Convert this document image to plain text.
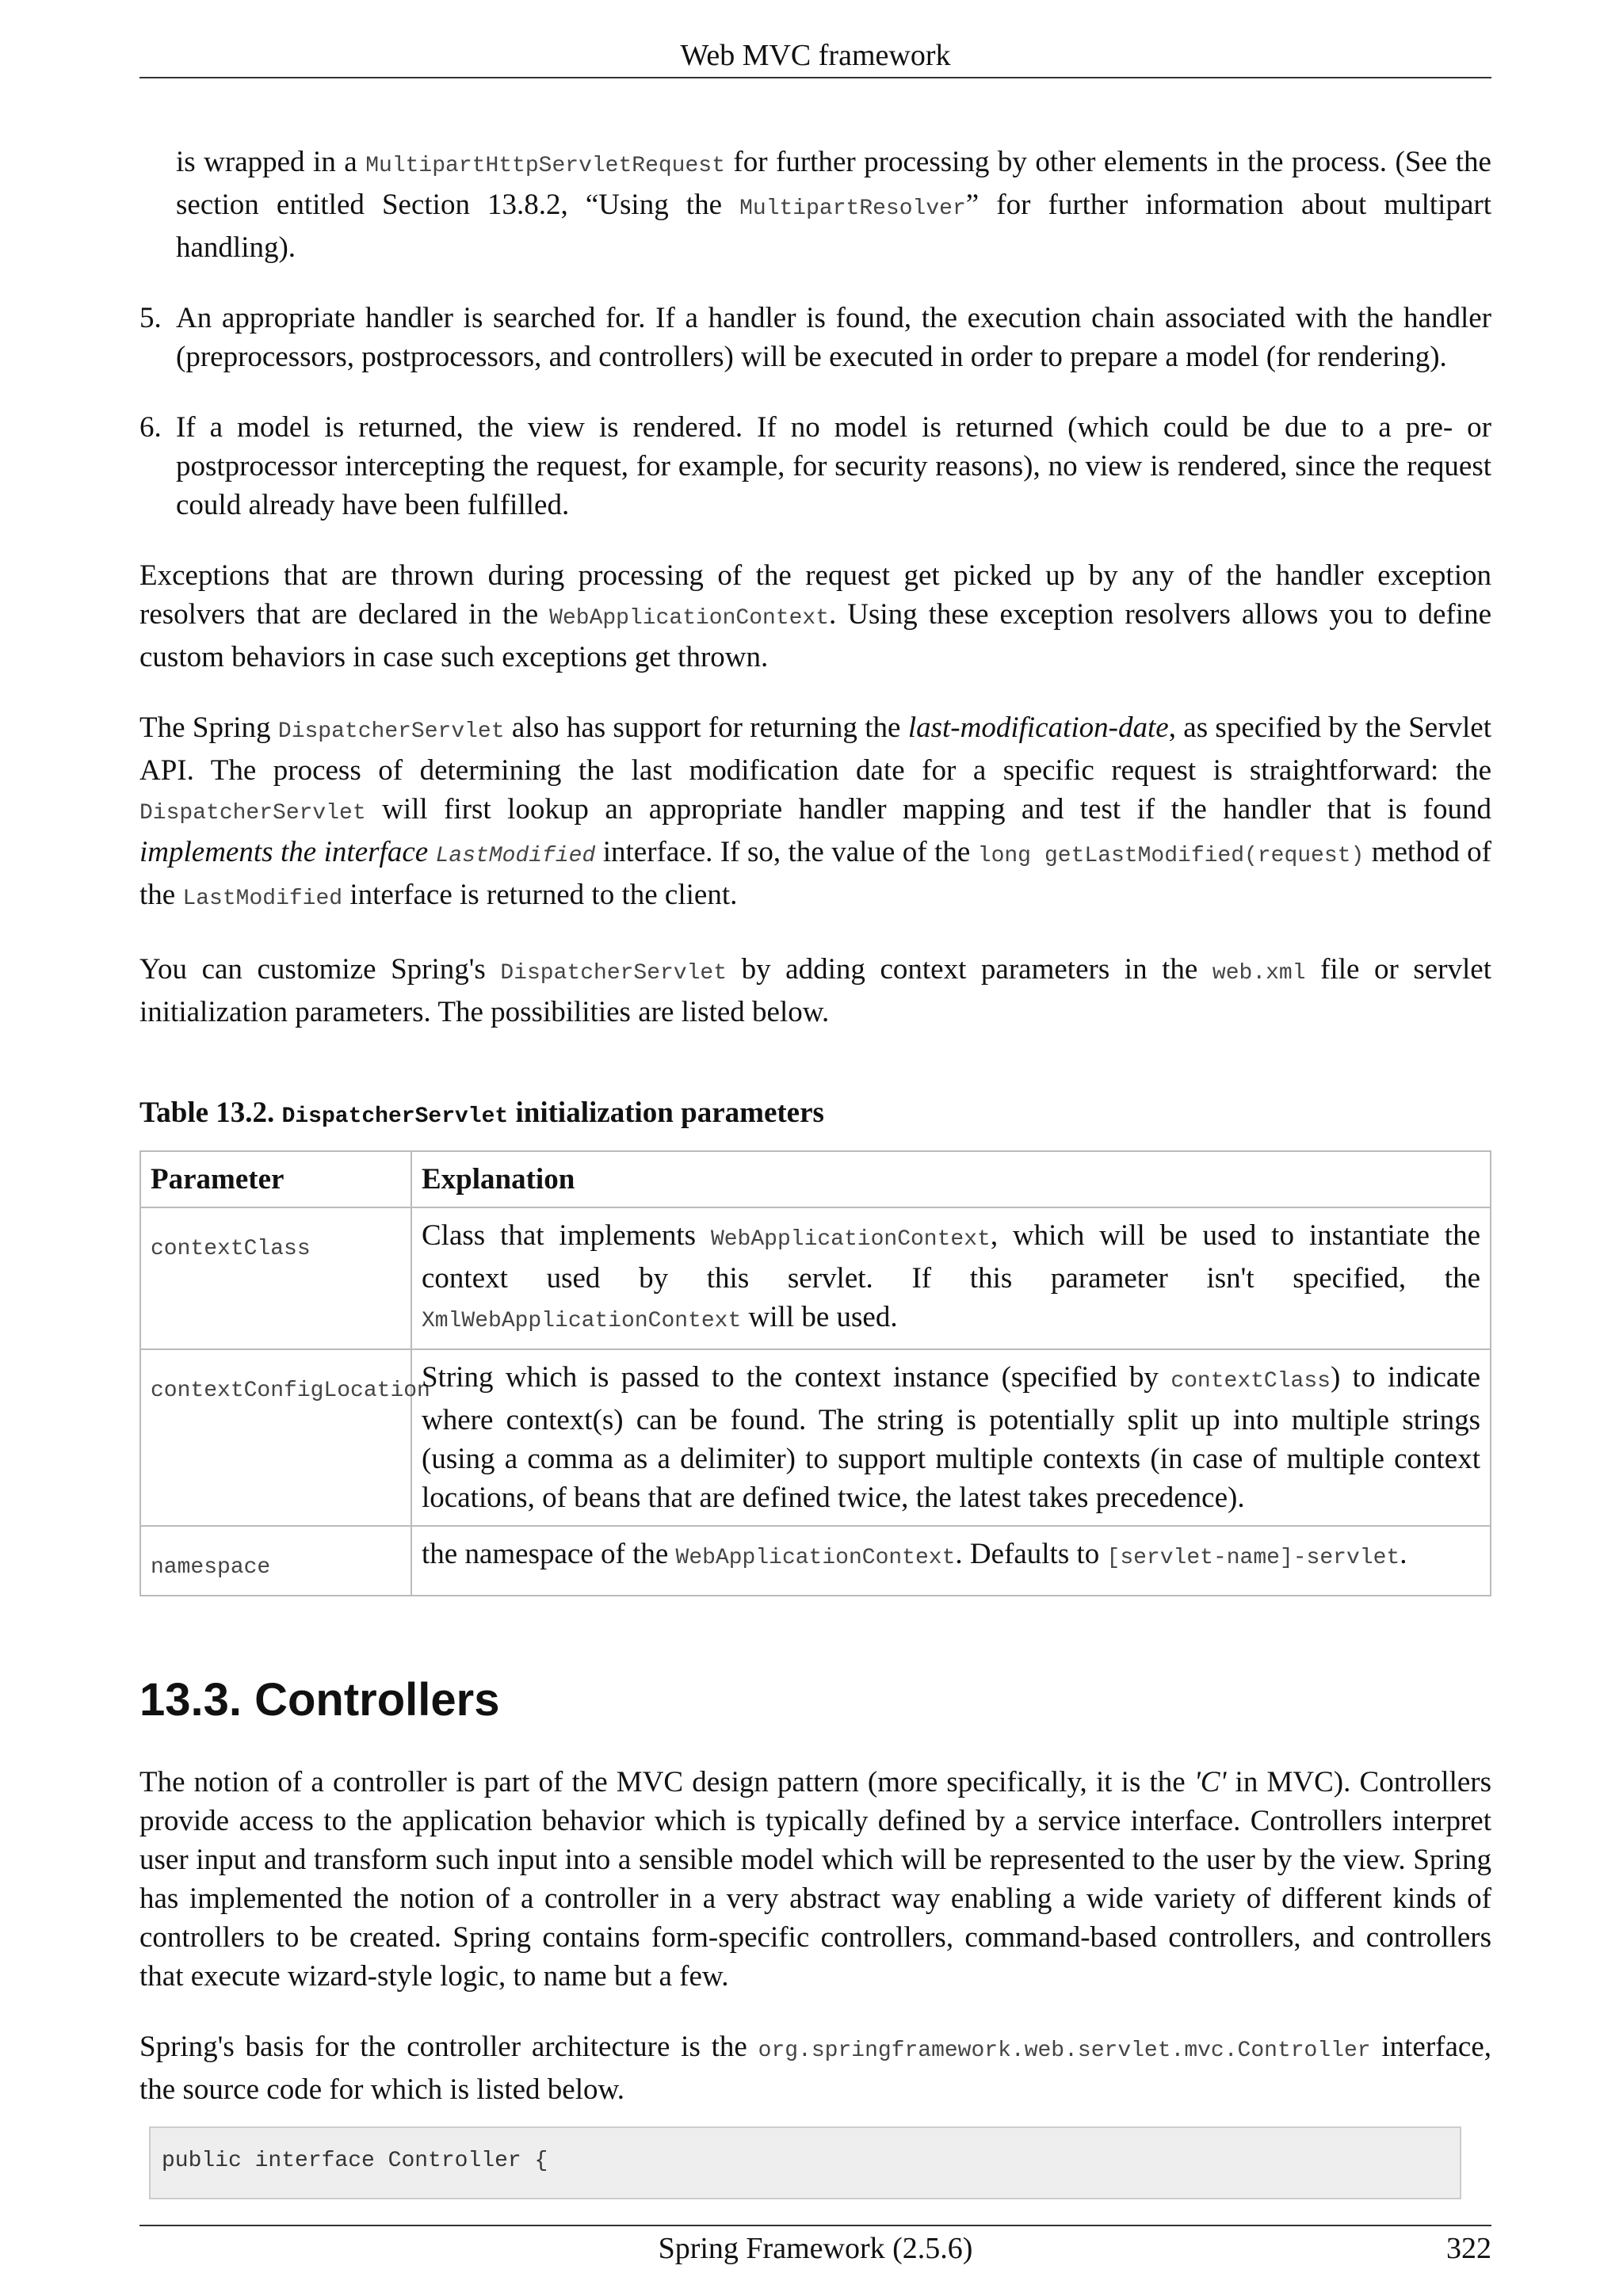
Web MVC framework

is wrapped in a MultipartHttpServletRequest for further processing by other elements in the process. (See the section entitled Section 13.8.2, “Using the MultipartResolver” for further information about multipart handling).

5. An appropriate handler is searched for. If a handler is found, the execution chain associated with the handler (preprocessors, postprocessors, and controllers) will be executed in order to prepare a model (for rendering).
6. If a model is returned, the view is rendered. If no model is returned (which could be due to a pre- or postprocessor intercepting the request, for example, for security reasons), no view is rendered, since the request could already have been fulfilled.

Exceptions that are thrown during processing of the request get picked up by any of the handler exception resolvers that are declared in the WebApplicationContext. Using these exception resolvers allows you to define custom behaviors in case such exceptions get thrown.

The Spring DispatcherServlet also has support for returning the last-modification-date, as specified by the Servlet API. The process of determining the last modification date for a specific request is straightforward: the DispatcherServlet will first lookup an appropriate handler mapping and test if the handler that is found implements the interface LastModified interface. If so, the value of the long getLastModified(request) method of the LastModified interface is returned to the client.

You can customize Spring's DispatcherServlet by adding context parameters in the web.xml file or servlet initialization parameters. The possibilities are listed below.

Table 13.2. DispatcherServlet initialization parameters
Parameter	Explanation
contextClass	Class that implements WebApplicationContext, which will be used to instantiate the context used by this servlet. If this parameter isn't specified, the XmlWebApplicationContext will be used.
contextConfigLocation	String which is passed to the context instance (specified by contextClass) to indicate where context(s) can be found. The string is potentially split up into multiple strings (using a comma as a delimiter) to support multiple contexts (in case of multiple context locations, of beans that are defined twice, the latest takes precedence).
namespace	the namespace of the WebApplicationContext. Defaults to [servlet-name]-servlet.
13.3. Controllers

The notion of a controller is part of the MVC design pattern (more specifically, it is the 'C' in MVC). Controllers provide access to the application behavior which is typically defined by a service interface. Controllers interpret user input and transform such input into a sensible model which will be represented to the user by the view. Spring has implemented the notion of a controller in a very abstract way enabling a wide variety of different kinds of controllers to be created. Spring contains form-specific controllers, command-based controllers, and controllers that execute wizard-style logic, to name but a few.

Spring's basis for the controller architecture is the org.springframework.web.servlet.mvc.Controller interface, the source code for which is listed below.

public interface Controller {
Spring Framework (2.5.6)	322
